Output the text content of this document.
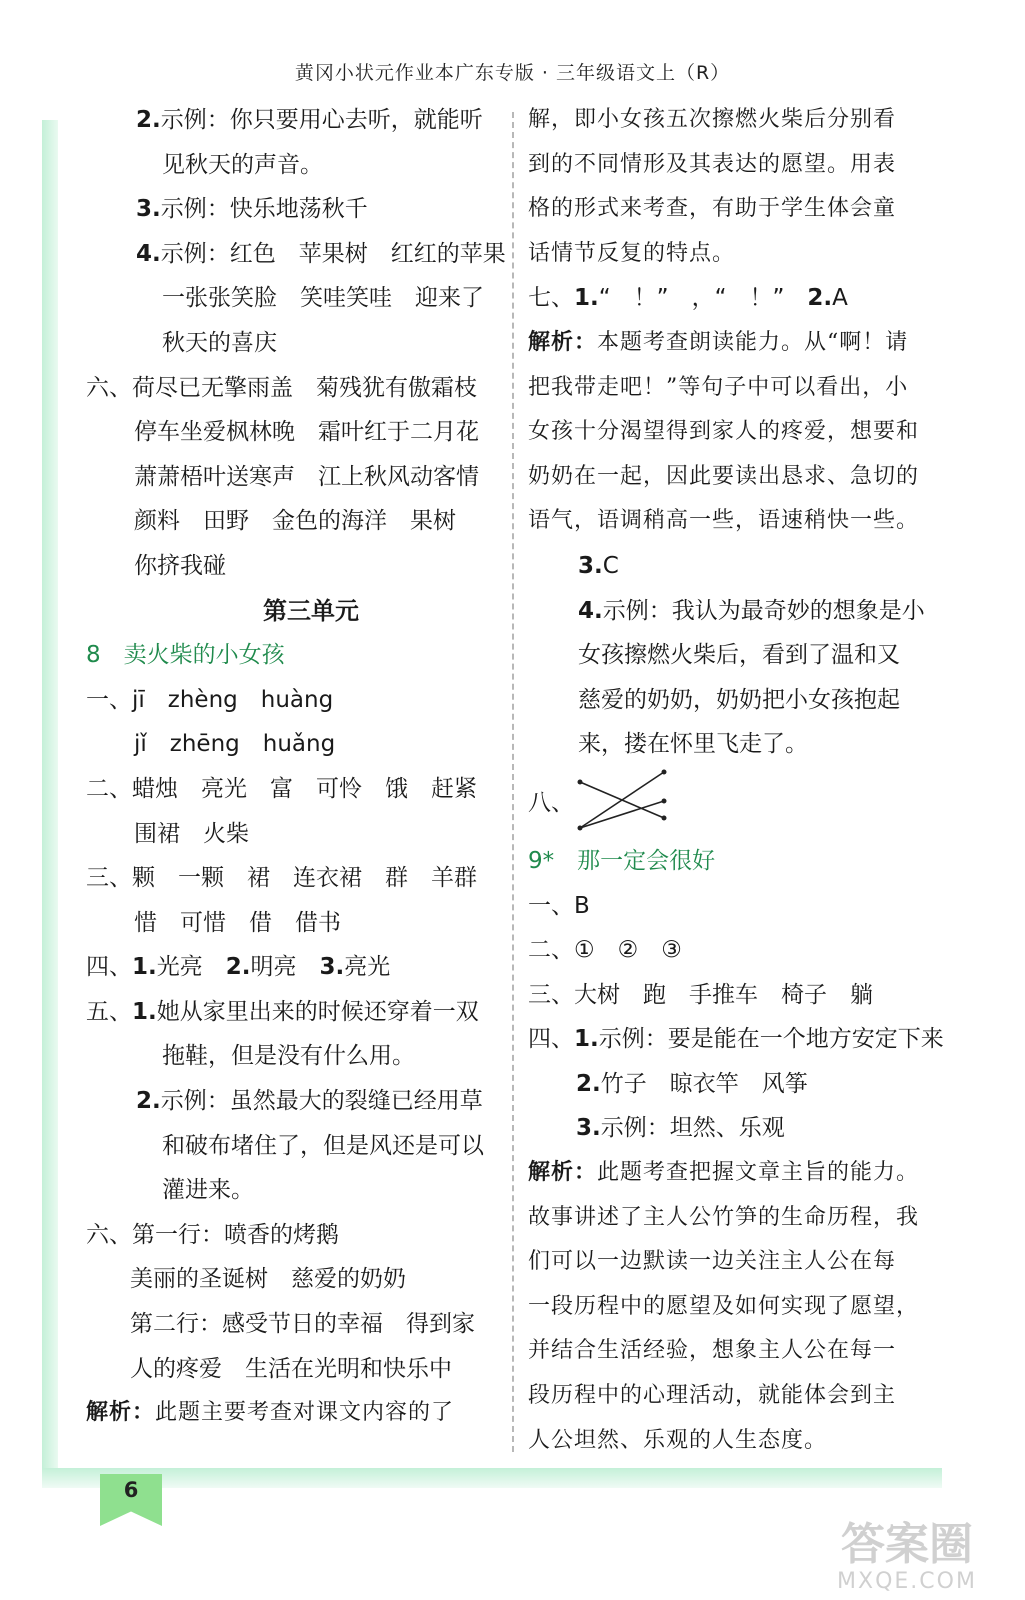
黄冈小状元作业本广东专版 · 三年级语文上（R）
6
2.示例：你只要用心去听，就能听
见秋天的声音。
3.示例：快乐地荡秋千
4.示例：红色　苹果树　红红的苹果
一张张笑脸　笑哇笑哇　迎来了
秋天的喜庆
六、荷尽已无擎雨盖　菊残犹有傲霜枝
停车坐爱枫林晚　霜叶红于二月花
萧萧梧叶送寒声　江上秋风动客情
颜料　田野　金色的海洋　果树
你挤我碰
第三单元
8　 卖火柴的小女孩
一、jī　zhèng　huàng
jǐ　zhēng　huǎng
二、蜡烛　亮光　富　可怜　饿　赶紧
围裙　火柴
三、颗　一颗　裙　连衣裙　群　羊群
惜　可惜　借　借书
四、1.光亮　 2.明亮　 3.亮光
五、1.她从家里出来的时候还穿着一双
拖鞋，但是没有什么用。
2.示例：虽然最大的裂缝已经用草
和破布堵住了，但是风还是可以
灌进来。
六、第一行：喷香的烤鹅
美丽的圣诞树　慈爱的奶奶
第二行：感受节日的幸福　得到家
人的疼爱　生活在光明和快乐中
解析：此题主要考查对课文内容的了
解，即小女孩五次擦燃火柴后分别看
到的不同情形及其表达的愿望。用表
格的形式来考查，有助于学生体会童
话情节反复的特点。
七、1.“　！”　，“　！”　 2.A
解析：本题考查朗读能力。从“啊！请
把我带走吧！”等句子中可以看出，小
女孩十分渴望得到家人的疼爱，想要和
奶奶在一起，因此要读出恳求、急切的
语气，语调稍高一些，语速稍快一些。
3.C
4.示例：我认为最奇妙的想象是小
女孩擦燃火柴后，看到了温和又
慈爱的奶奶，奶奶把小女孩抱起
来，搂在怀里飞走了。
八、
9*　 那一定会很好
一、B
二、①　②　③
三、大树　跑　手推车　椅子　躺
四、1.示例：要是能在一个地方安定下来
2.竹子　晾衣竿　风筝
3.示例：坦然、乐观
解析：此题考查把握文章主旨的能力。
故事讲述了主人公竹笋的生命历程，我
们可以一边默读一边关注主人公在每
一段历程中的愿望及如何实现了愿望，
并结合生活经验，想象主人公在每一
段历程中的心理活动，就能体会到主
人公坦然、乐观的人生态度。
答案圈
MXQE.COM
